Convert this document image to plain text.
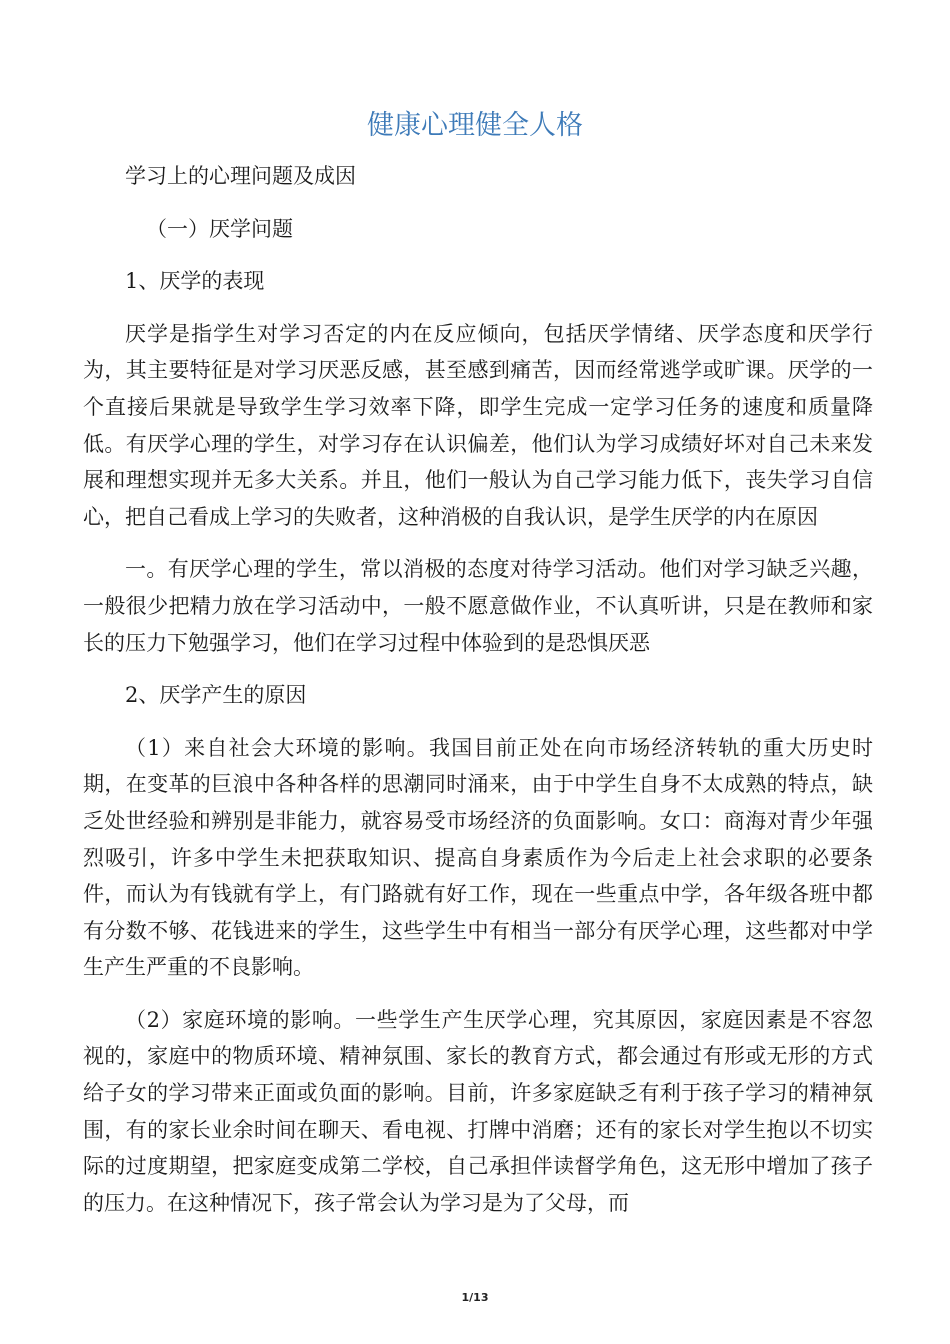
健康心理健全人格

学习上的心理问题及成因

（一）厌学问题

1、厌学的表现

厌学是指学生对学习否定的内在反应倾向，包括厌学情绪、厌学态度和厌学行为，其主要特征是对学习厌恶反感，甚至感到痛苦，因而经常逃学或旷课。厌学的一个直接后果就是导致学生学习效率下降，即学生完成一定学习任务的速度和质量降低。有厌学心理的学生，对学习存在认识偏差，他们认为学习成绩好坏对自己未来发展和理想实现并无多大关系。并且，他们一般认为自己学习能力低下，丧失学习自信心，把自己看成上学习的失败者，这种消极的自我认识，是学生厌学的内在原因

一。有厌学心理的学生，常以消极的态度对待学习活动。他们对学习缺乏兴趣，一般很少把精力放在学习活动中，一般不愿意做作业，不认真听讲，只是在教师和家长的压力下勉强学习，他们在学习过程中体验到的是恐惧厌恶

2、厌学产生的原因

（1）来自社会大环境的影响。我国目前正处在向市场经济转轨的重大历史时期，在变革的巨浪中各种各样的思潮同时涌来，由于中学生自身不太成熟的特点，缺乏处世经验和辨别是非能力，就容易受市场经济的负面影响。女口：商海对青少年强烈吸引，许多中学生未把获取知识、提高自身素质作为今后走上社会求职的必要条件，而认为有钱就有学上，有门路就有好工作，现在一些重点中学，各年级各班中都有分数不够、花钱进来的学生，这些学生中有相当一部分有厌学心理，这些都对中学生产生严重的不良影响。

（2）家庭环境的影响。一些学生产生厌学心理，究其原因，家庭因素是不容忽视的，家庭中的物质环境、精神氛围、家长的教育方式，都会通过有形或无形的方式给子女的学习带来正面或负面的影响。目前，许多家庭缺乏有利于孩子学习的精神氛围，有的家长业余时间在聊天、看电视、打牌中消磨；还有的家长对学生抱以不切实际的过度期望，把家庭变成第二学校，自己承担伴读督学角色，这无形中增加了孩子的压力。在这种情况下，孩子常会认为学习是为了父母，而

1/13
